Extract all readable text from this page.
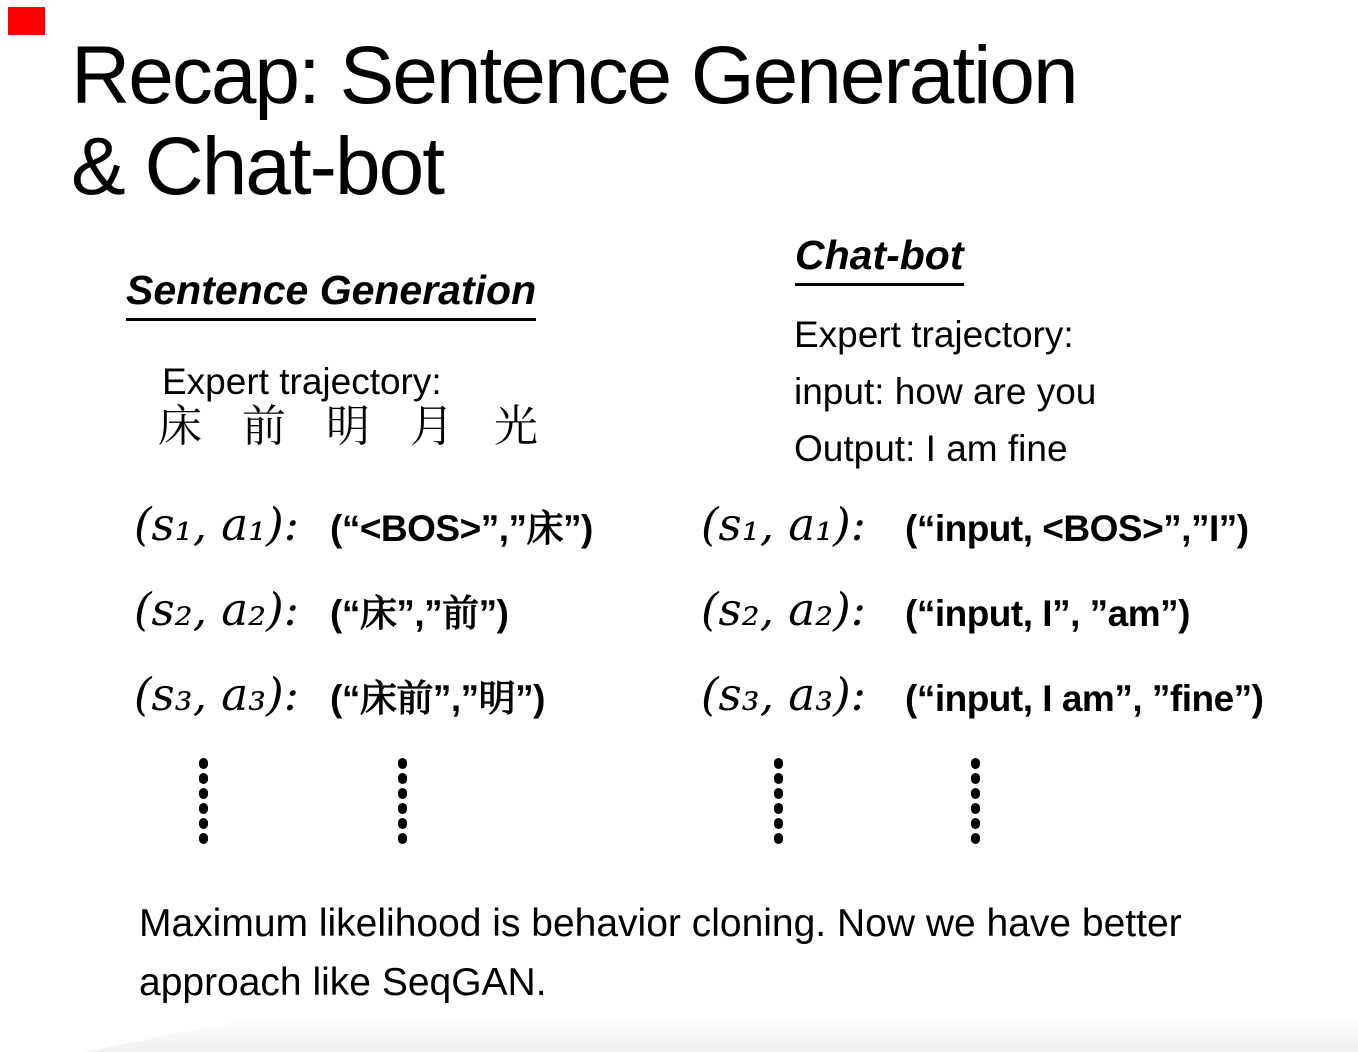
Recap: Sentence Generation
& Chat-bot
Sentence Generation
Expert trajectory:
床 前 明 月 光
(s₁, a₁): (“<BOS>”,”床”)
(s₂, a₂): (“床”,”前”)
(s₃, a₃): (“床前”,”明”)
Chat-bot
Expert trajectory:
input: how are you
Output: I am fine
(s₁, a₁): (“input, <BOS>”,”I”)
(s₂, a₂): (“input, I”, ”am”)
(s₃, a₃): (“input, I am”, ”fine”)
Maximum likelihood is behavior cloning. Now we have better approach like SeqGAN.
